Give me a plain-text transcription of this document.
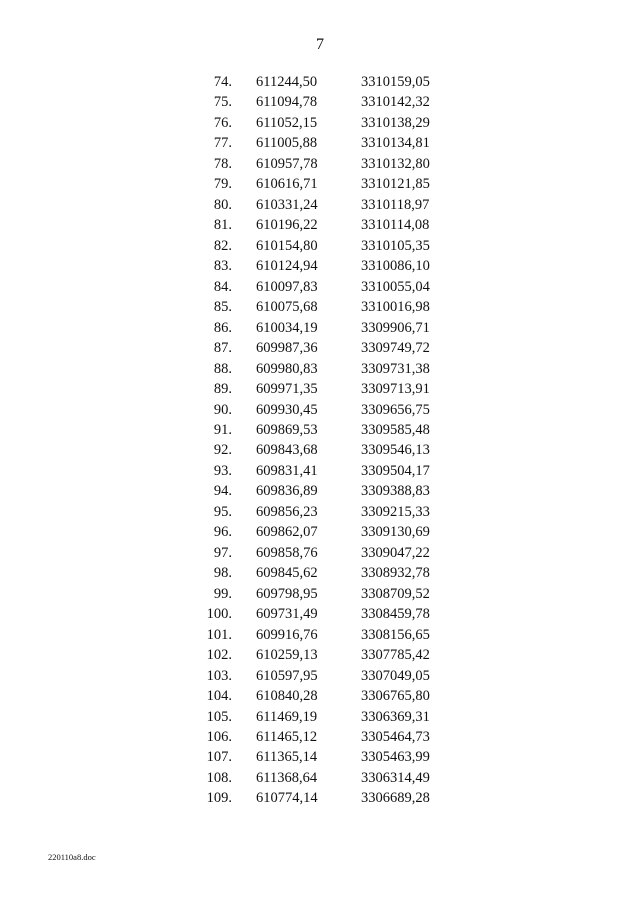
7
74. 611244,50	3310159,05
75. 611094,78	3310142,32
76. 611052,15	3310138,29
77. 611005,88	3310134,81
78. 610957,78	3310132,80
79. 610616,71	3310121,85
80. 610331,24	3310118,97
81. 610196,22	3310114,08
82. 610154,80	3310105,35
83. 610124,94	3310086,10
84. 610097,83	3310055,04
85. 610075,68	3310016,98
86. 610034,19	3309906,71
87. 609987,36	3309749,72
88. 609980,83	3309731,38
89. 609971,35	3309713,91
90. 609930,45	3309656,75
91. 609869,53	3309585,48
92. 609843,68	3309546,13
93. 609831,41	3309504,17
94. 609836,89	3309388,83
95. 609856,23	3309215,33
96. 609862,07	3309130,69
97. 609858,76	3309047,22
98. 609845,62	3308932,78
99. 609798,95	3308709,52
100. 609731,49	3308459,78
101. 609916,76	3308156,65
102. 610259,13	3307785,42
103. 610597,95	3307049,05
104. 610840,28	3306765,80
105. 611469,19	3306369,31
106. 611465,12	3305464,73
107. 611365,14	3305463,99
108. 611368,64	3306314,49
109. 610774,14	3306689,28
220110a8.doc
